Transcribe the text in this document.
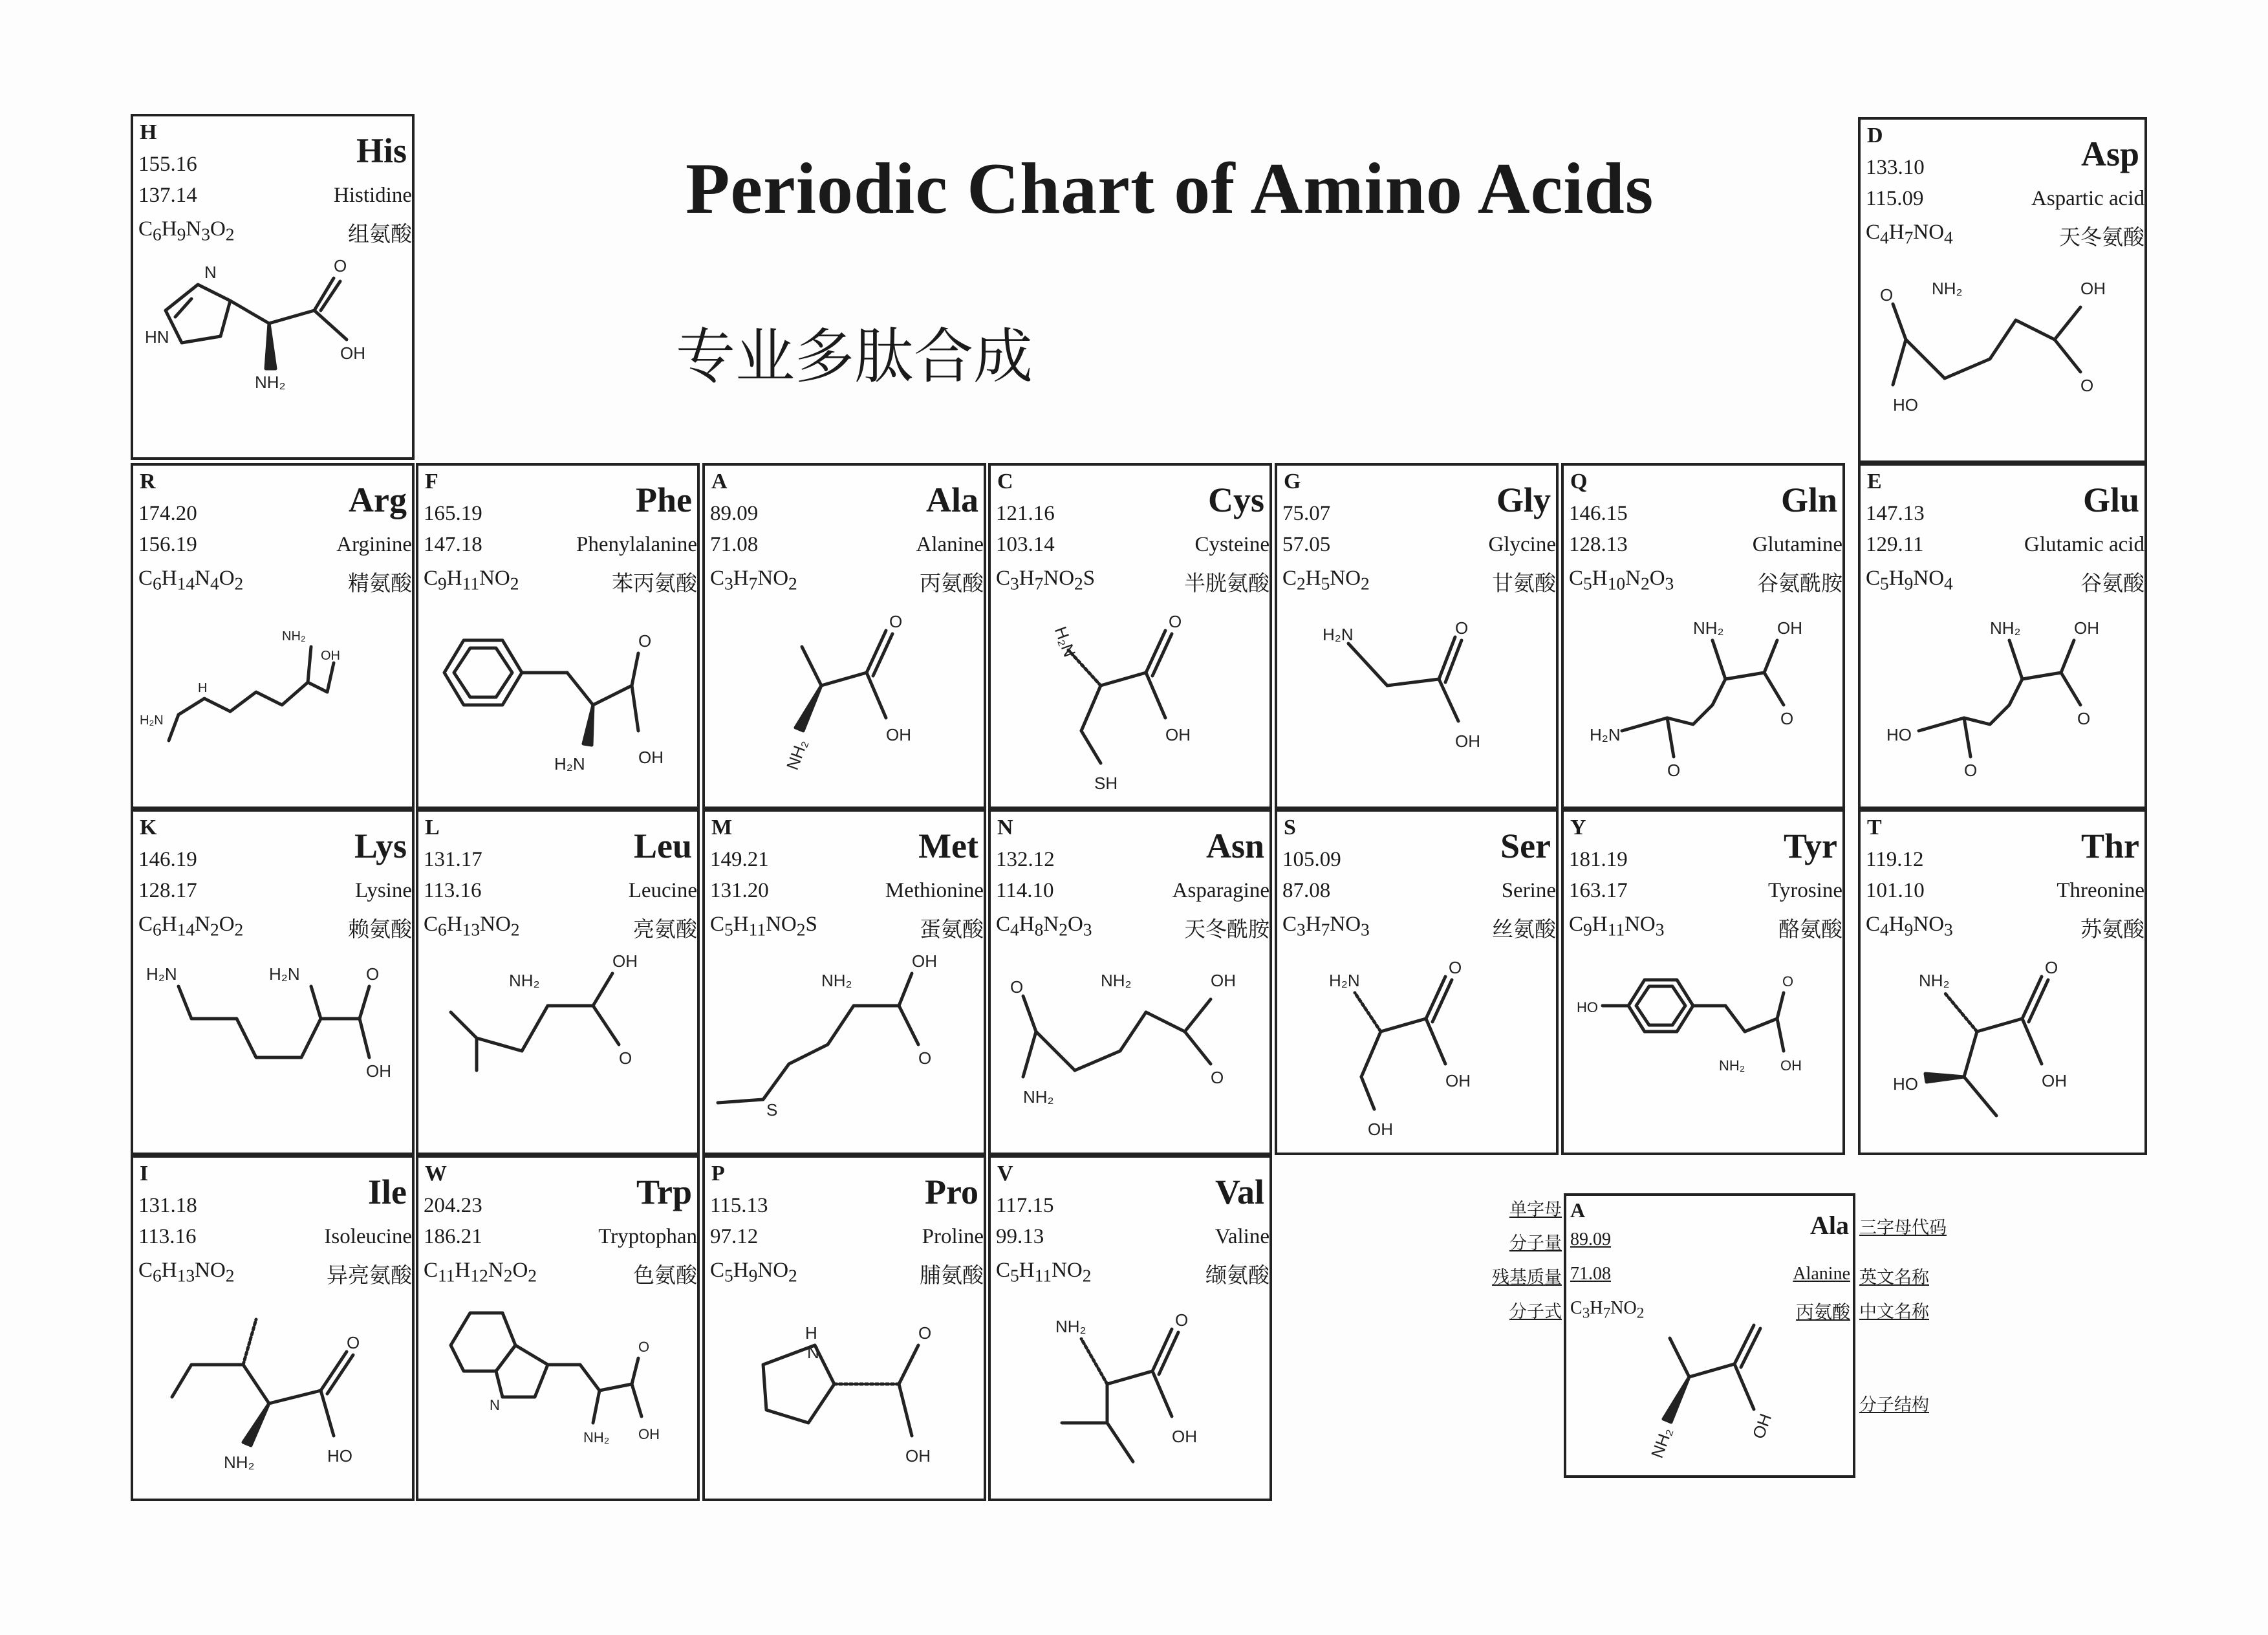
Periodic Chart of Amino Acids
专业多肽合成
H	His
155.16
137.14	Histidine
$C_6H_9N_3O_2$	组氨酸
N
HN
NH₂
O
OH
D	Asp
133.10
115.09	Aspartic acid
$C_4H_7NO_4$	天冬氨酸
NH₂	OH
O
O
HO
R	Arg
174.20
156.19	Arginine
$C_6H_{14}N_4O_2$	精氨酸
H₂N
NH₂
OH
H
F	Phe
165.19
147.18	Phenylalanine
$C_9H_{11}NO_2$	苯丙氨酸
H₂N
O
OH
A	Ala
89.09
71.08	Alanine
$C_3H_7NO_2$	丙氨酸
NH₂
O
OH
C	Cys
121.16
103.14	Cysteine
$C_3H_7NO_2S$	半胱氨酸
H₂N
O
OH
SH
G	Gly
75.07
57.05	Glycine
$C_2H_5NO_2$	甘氨酸
H₂N	O
OH
Q	Gln
146.15
128.13	Glutamine
$C_5H_{10}N_2O_3$	谷氨酰胺
H₂N
NH₂	OH
O
O
E	Glu
147.13
129.11	Glutamic acid
$C_5H_9NO_4$	谷氨酸
HO
NH₂	OH
O
O
K	Lys
146.19
128.17	Lysine
$C_6H_{14}N_2O_2$	赖氨酸
H₂N	H₂N	O
OH
L	Leu
131.17
113.16	Leucine
$C_6H_{13}NO_2$	亮氨酸
NH₂
OH
O
M	Met
149.21
131.20	Methionine
$C_5H_{11}NO_2S$	蛋氨酸
S
NH₂
OH
O
N	Asn
132.12
114.10	Asparagine
$C_4H_8N_2O_3$	天冬酰胺
NH₂	OH
O
O
NH₂
S	Ser
105.09
87.08	Serine
$C_3H_7NO_3$	丝氨酸
H₂N
O
OH
OH
Y	Tyr
181.19
163.17	Tyrosine
$C_9H_{11}NO_3$	酪氨酸
HO
NH₂
O
OH
T	Thr
119.12
101.10	Threonine
$C_4H_9NO_3$	苏氨酸
NH₂
O
OH
HO
I	Ile
131.18
113.16	Isoleucine
$C_6H_{13}NO_2$	异亮氨酸
O
HO
NH₂
W	Trp
204.23
186.21	Tryptophan
$C_{11}H_{12}N_2O_2$	色氨酸
N
NH₂
O
OH
P	Pro
115.13
97.12	Proline
$C_5H_9NO_2$	脯氨酸
H
N
O
OH
V	Val
117.15
99.13	Valine
$C_5H_{11}NO_2$	缬氨酸
NH₂	O
OH
单字母
分子量
残基质量
分子式
三字母代码
英文名称
中文名称
分子结构
A
Ala
89.09
71.08
$C_3H_7NO_2$
Alanine
丙氨酸
NH₂	OH
